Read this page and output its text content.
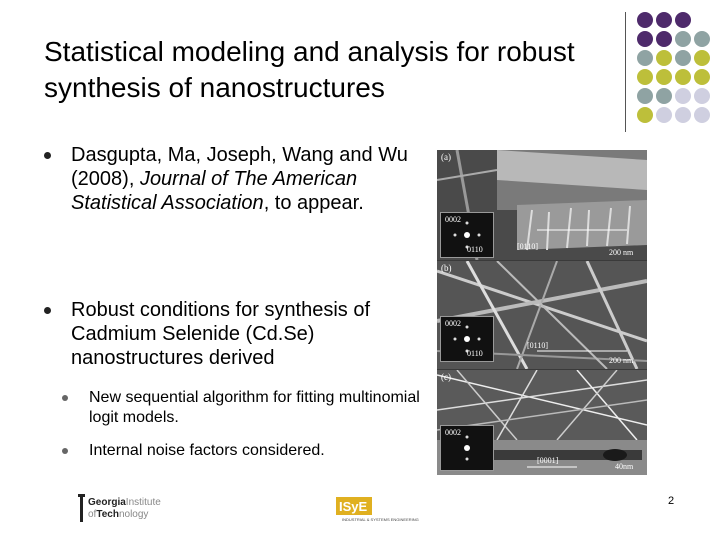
Statistical modeling and analysis for robust synthesis of nanostructures
Dasgupta, Ma, Joseph, Wang and Wu (2008), Journal of The American Statistical Association, to appear.
Robust conditions for synthesis of Cadmium Selenide (Cd.Se) nanostructures derived
New sequential algorithm for fitting multinomial logit models.
Internal noise factors considered.
(a)
0002
0110	[0110]
200 nm
(b)
0002
0110
[0110]
200 nm
(c)
0002
[0001]
40nm
GeorgiaInstitute
ofTechnology
ISyE
INDUSTRIAL & SYSTEMS ENGINEERING
2
